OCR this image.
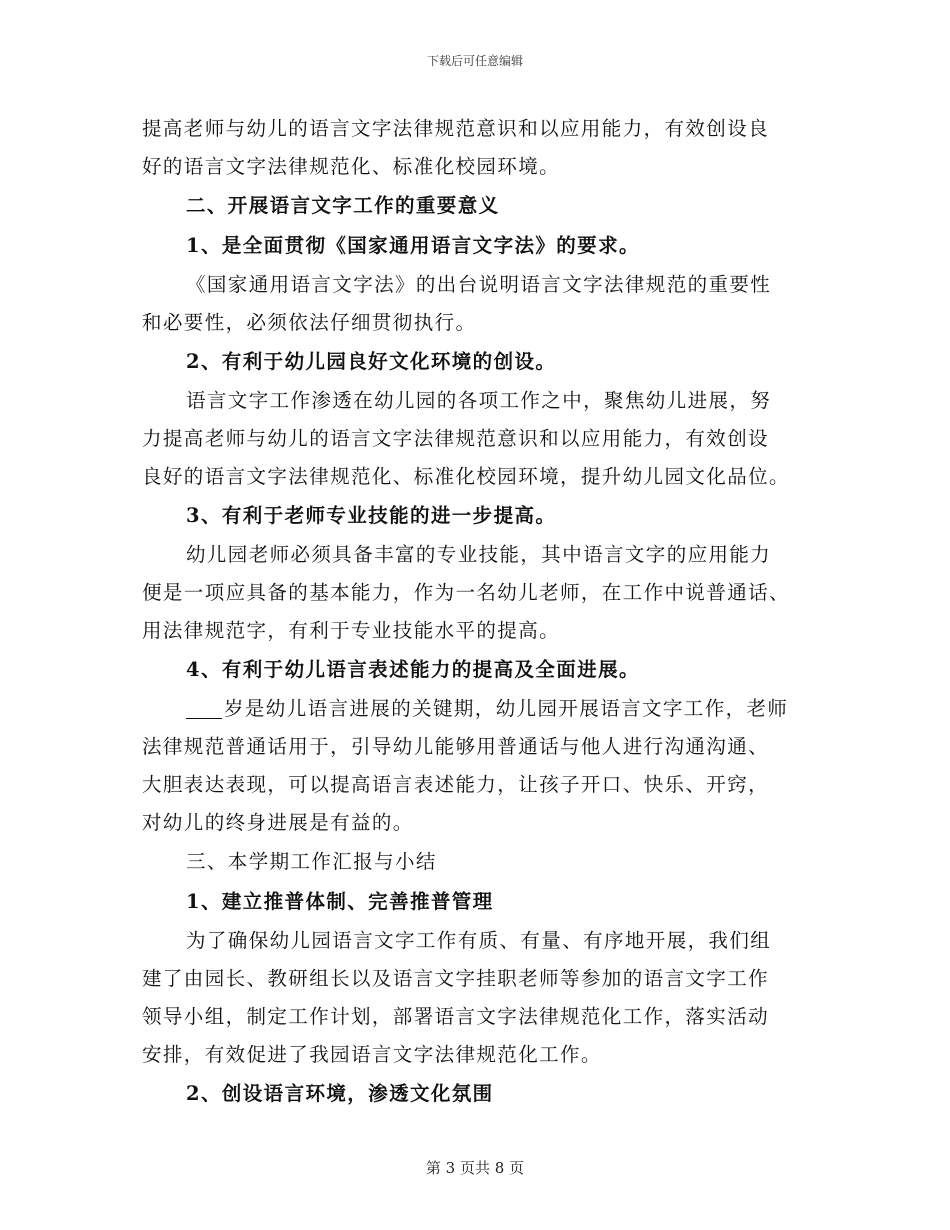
下载后可任意编辑
提高老师与幼儿的语言文字法律规范意识和以应用能力，有效创设良
好的语言文字法律规范化、标准化校园环境。
二、开展语言文字工作的重要意义
1、是全面贯彻《国家通用语言文字法》的要求。
《国家通用语言文字法》的出台说明语言文字法律规范的重要性
和必要性，必须依法仔细贯彻执行。
2、有利于幼儿园良好文化环境的创设。
语言文字工作渗透在幼儿园的各项工作之中，聚焦幼儿进展，努
力提高老师与幼儿的语言文字法律规范意识和以应用能力，有效创设
良好的语言文字法律规范化、标准化校园环境，提升幼儿园文化品位。
3、有利于老师专业技能的进一步提高。
幼儿园老师必须具备丰富的专业技能，其中语言文字的应用能力
便是一项应具备的基本能力，作为一名幼儿老师，在工作中说普通话、
用法律规范字，有利于专业技能水平的提高。
4、有利于幼儿语言表述能力的提高及全面进展。
岁是幼儿语言进展的关键期，幼儿园开展语言文字工作，老师
法律规范普通话用于，引导幼儿能够用普通话与他人进行沟通沟通、
大胆表达表现，可以提高语言表述能力，让孩子开口、快乐、开窍，
对幼儿的终身进展是有益的。
三、本学期工作汇报与小结
1、建立推普体制、完善推普管理
为了确保幼儿园语言文字工作有质、有量、有序地开展，我们组
建了由园长、教研组长以及语言文字挂职老师等参加的语言文字工作
领导小组，制定工作计划，部署语言文字法律规范化工作，落实活动
安排，有效促进了我园语言文字法律规范化工作。
2、创设语言环境，渗透文化氛围
第 3 页共 8 页
